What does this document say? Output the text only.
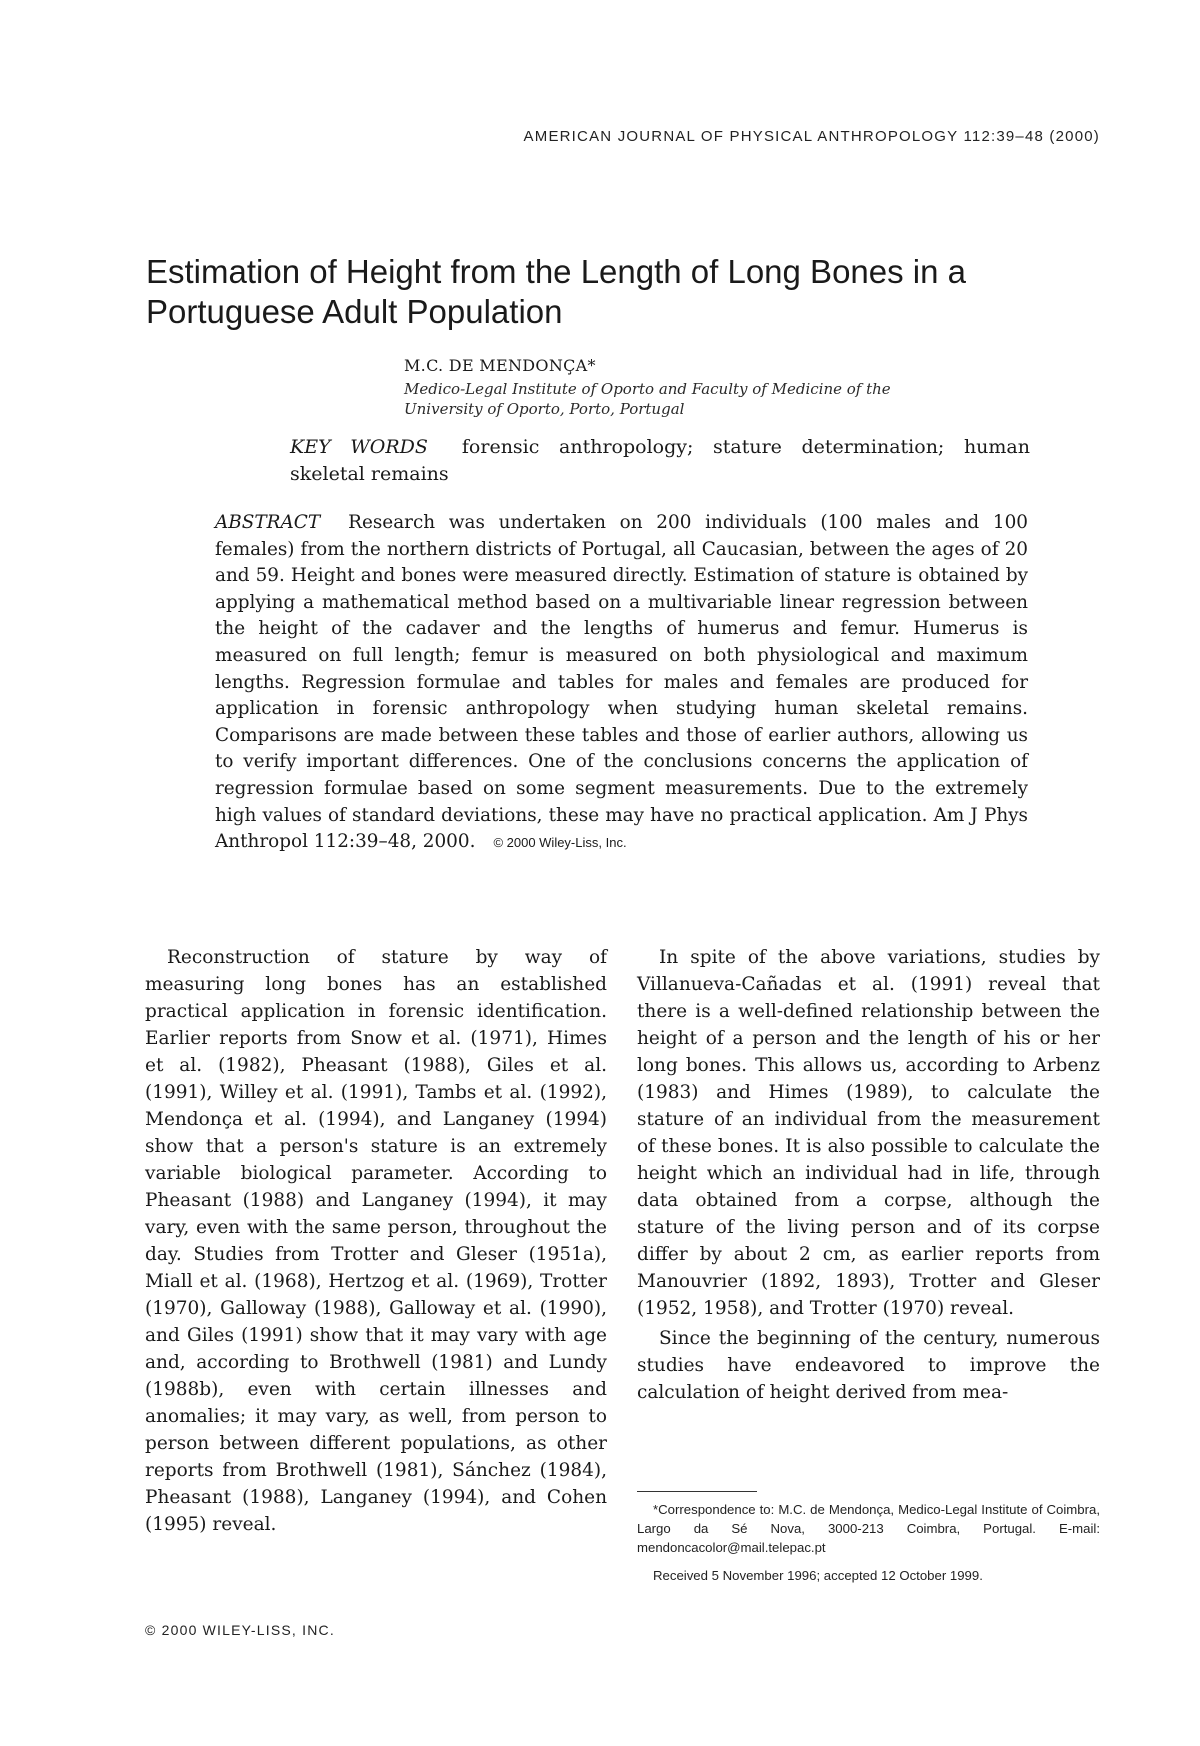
AMERICAN JOURNAL OF PHYSICAL ANTHROPOLOGY 112:39–48 (2000)
Estimation of Height from the Length of Long Bones in a Portuguese Adult Population
M.C. DE MENDONÇA*
Medico-Legal Institute of Oporto and Faculty of Medicine of the
University of Oporto, Porto, Portugal
KEY WORDS forensic anthropology; stature determination; human skeletal remains
ABSTRACT Research was undertaken on 200 individuals (100 males and 100 females) from the northern districts of Portugal, all Caucasian, between the ages of 20 and 59. Height and bones were measured directly. Estimation of stature is obtained by applying a mathematical method based on a multivariable linear regression between the height of the cadaver and the lengths of humerus and femur. Humerus is measured on full length; femur is measured on both physiological and maximum lengths. Regression formulae and tables for males and females are produced for application in forensic anthropology when studying human skeletal remains. Comparisons are made between these tables and those of earlier authors, allowing us to verify important differences. One of the conclusions concerns the application of regression formulae based on some segment measurements. Due to the extremely high values of standard deviations, these may have no practical application. Am J Phys Anthropol 112:39–48, 2000. © 2000 Wiley-Liss, Inc.

Reconstruction of stature by way of measuring long bones has an established practical application in forensic identification. Earlier reports from Snow et al. (1971), Himes et al. (1982), Pheasant (1988), Giles et al. (1991), Willey et al. (1991), Tambs et al. (1992), Mendonça et al. (1994), and Langaney (1994) show that a person's stature is an extremely variable biological parameter. According to Pheasant (1988) and Langaney (1994), it may vary, even with the same person, throughout the day. Studies from Trotter and Gleser (1951a), Miall et al. (1968), Hertzog et al. (1969), Trotter (1970), Galloway (1988), Galloway et al. (1990), and Giles (1991) show that it may vary with age and, according to Brothwell (1981) and Lundy (1988b), even with certain illnesses and anomalies; it may vary, as well, from person to person between different populations, as other reports from Brothwell (1981), Sánchez (1984), Pheasant (1988), Langaney (1994), and Cohen (1995) reveal.

In spite of the above variations, studies by Villanueva-Cañadas et al. (1991) reveal that there is a well-defined relationship between the height of a person and the length of his or her long bones. This allows us, according to Arbenz (1983) and Himes (1989), to calculate the stature of an individual from the measurement of these bones. It is also possible to calculate the height which an individual had in life, through data obtained from a corpse, although the stature of the living person and of its corpse differ by about 2 cm, as earlier reports from Manouvrier (1892, 1893), Trotter and Gleser (1952, 1958), and Trotter (1970) reveal.

Since the beginning of the century, numerous studies have endeavored to improve the calculation of height derived from mea-

*Correspondence to: M.C. de Mendonça, Medico-Legal Institute of Coimbra, Largo da Sé Nova, 3000-213 Coimbra, Portugal. E-mail: mendoncacolor@mail.telepac.pt
Received 5 November 1996; accepted 12 October 1999.
© 2000 WILEY-LISS, INC.
